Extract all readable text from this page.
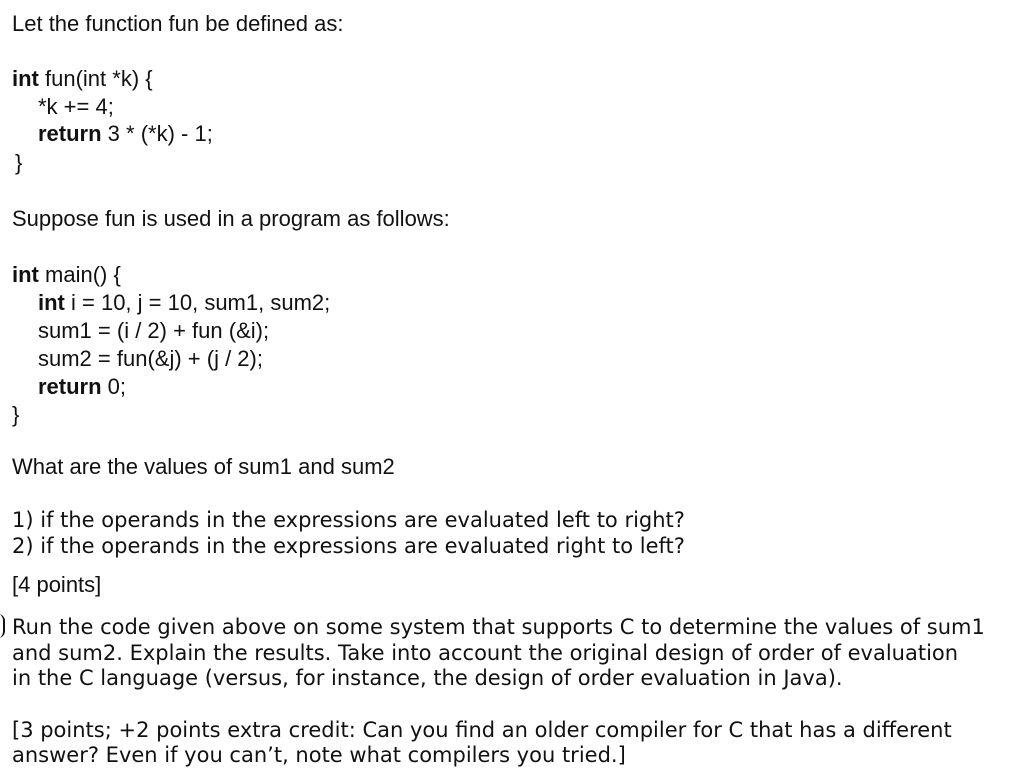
Let the function fun be defined as:
int fun(int *k) {
*k += 4;
return 3 * (*k) - 1;
}
Suppose fun is used in a program as follows:
int main() {
int i = 10, j = 10, sum1, sum2;
sum1 = (i / 2) + fun (&i);
sum2 = fun(&j) + (j / 2);
return 0;
}
What are the values of sum1 and sum2
1) if the operands in the expressions are evaluated left to right?
2) if the operands in the expressions are evaluated right to left?
[4 points]
Run the code given above on some system that supports C to determine the values of sum1
and sum2. Explain the results. Take into account the original design of order of evaluation
in the C language (versus, for instance, the design of order evaluation in Java).
[3 points; +2 points extra credit: Can you find an older compiler for C that has a different
answer? Even if you can’t, note what compilers you tried.]
